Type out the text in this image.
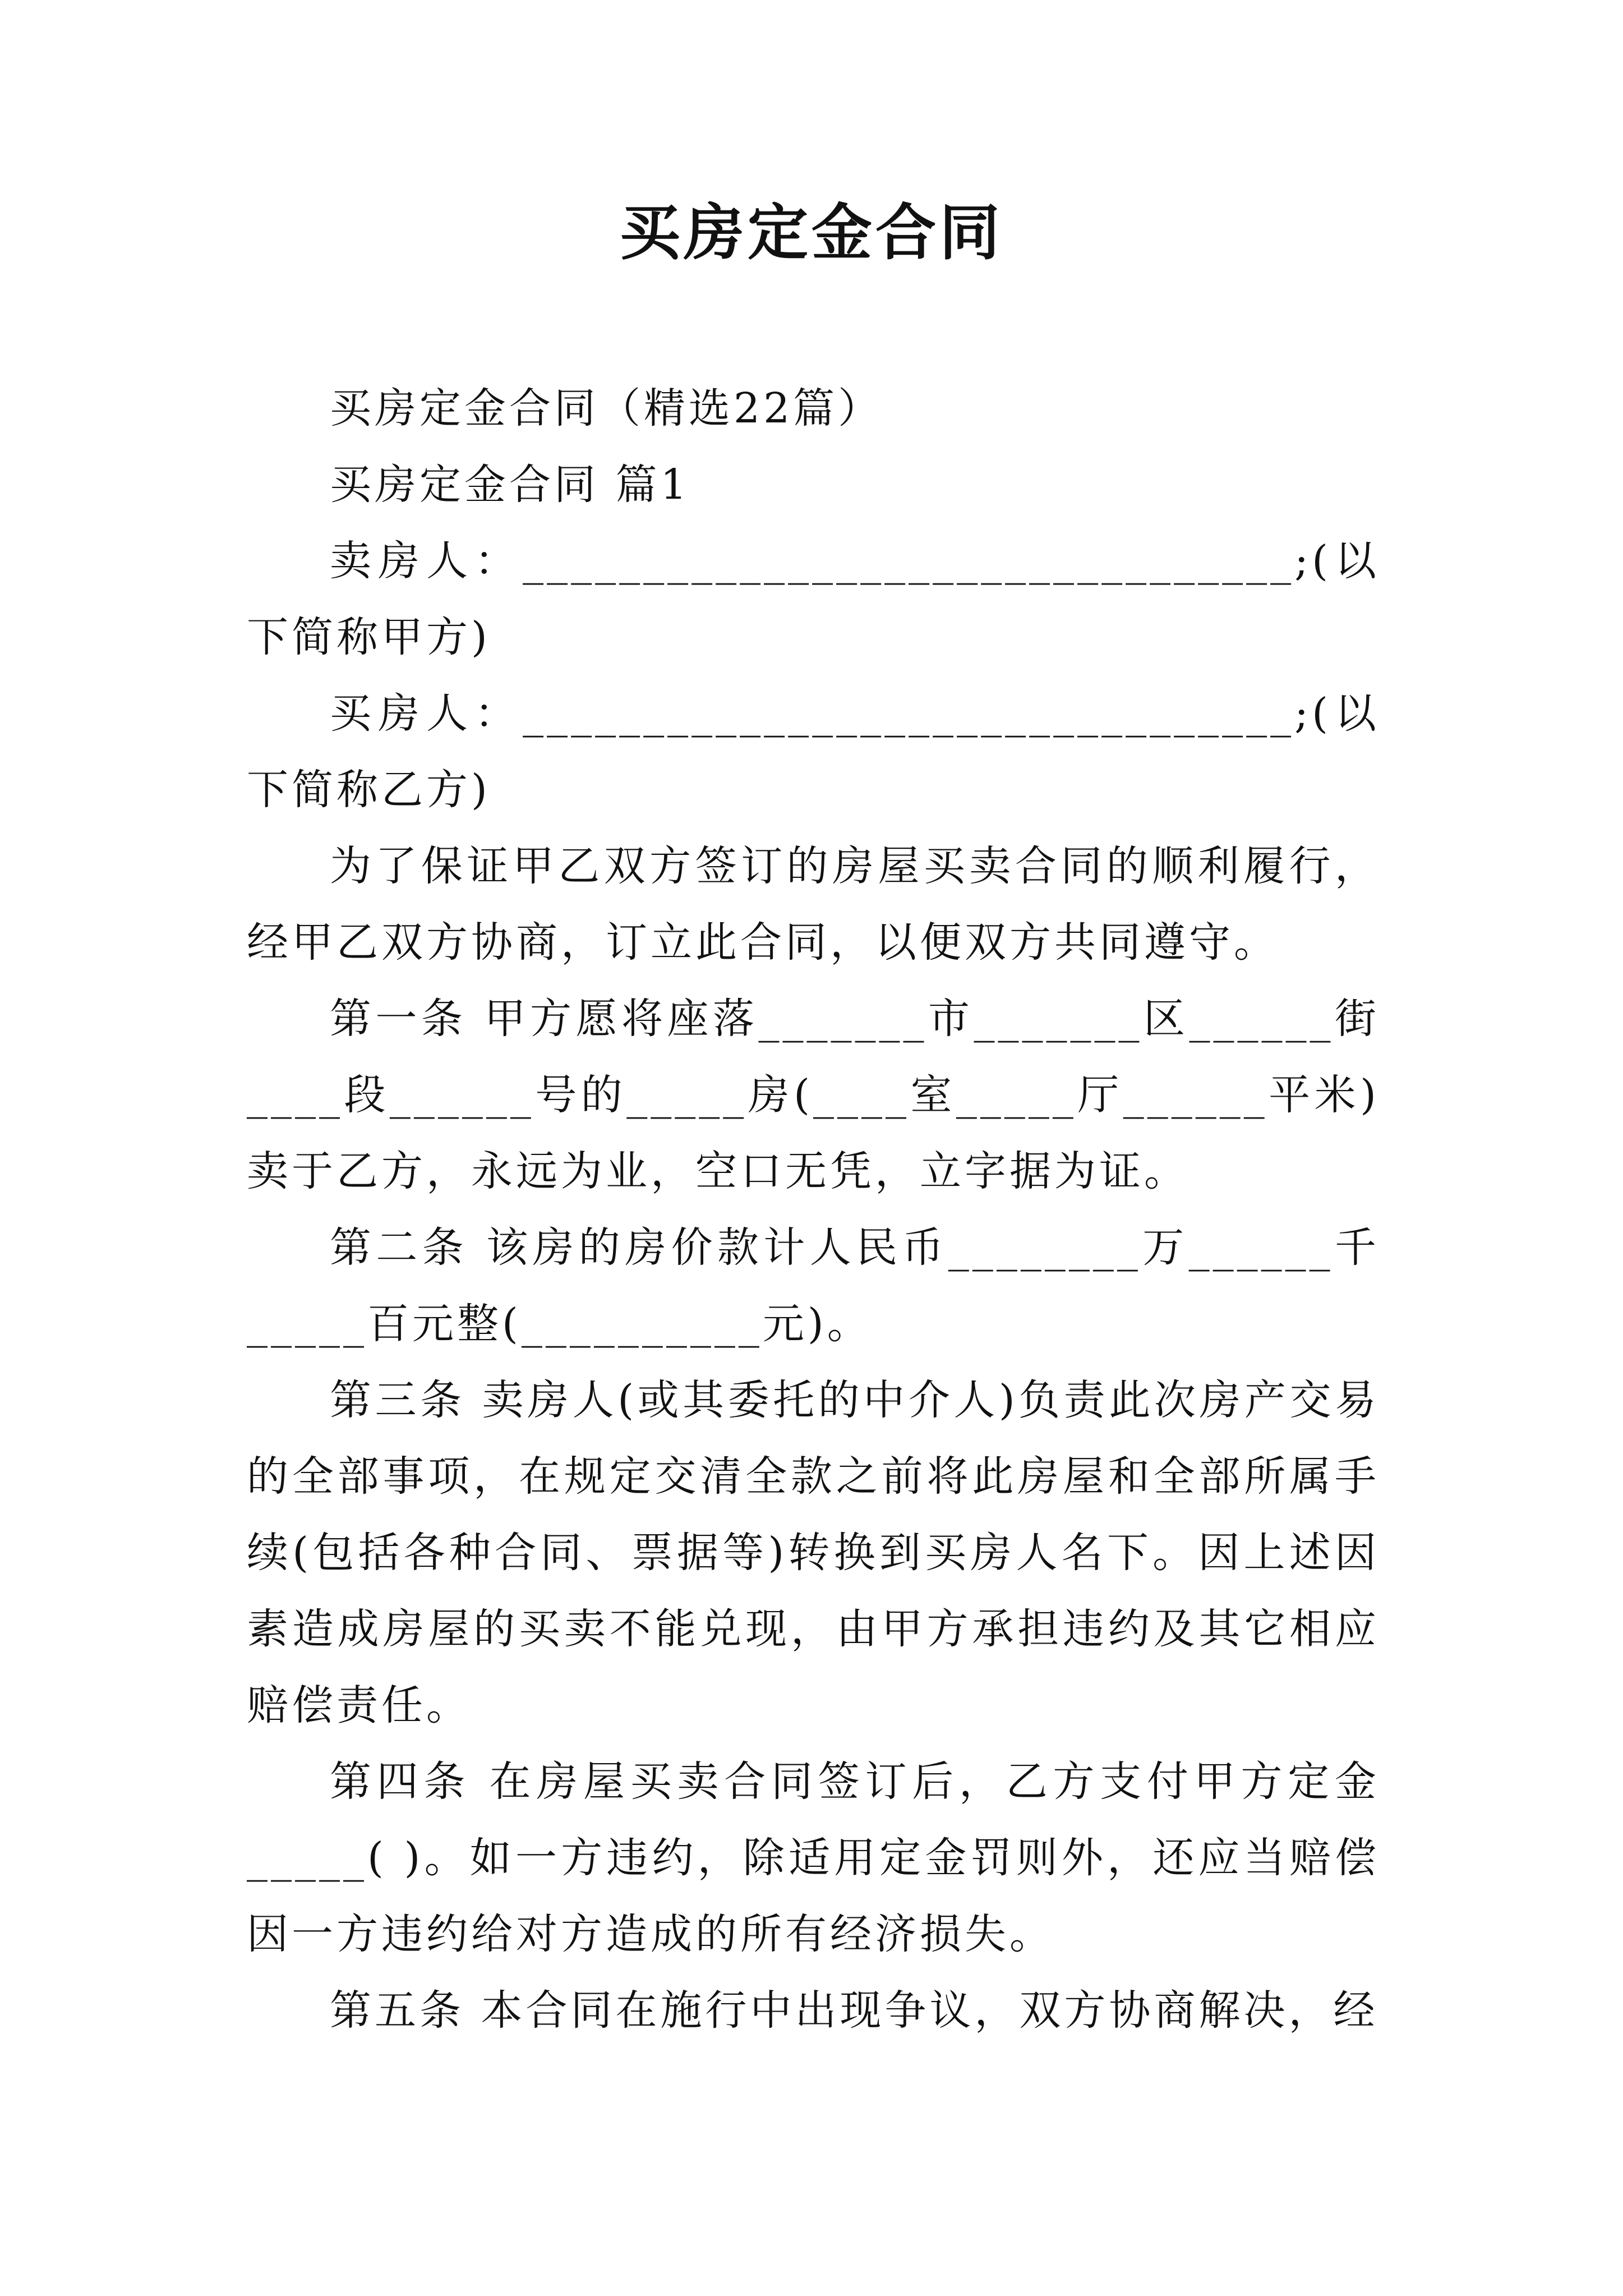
买房定金合同

买房定金合同（精选22篇）

买房定金合同 篇1

卖房人：________________________________;(以下简称甲方)

买房人：________________________________;(以下简称乙方)

为了保证甲乙双方签订的房屋买卖合同的顺利履行，经甲乙双方协商，订立此合同，以便双方共同遵守。

第一条 甲方愿将座落_______市_______区______街____段______号的_____房(____室_____厅______平米)卖于乙方，永远为业，空口无凭，立字据为证。

第二条 该房的房价款计人民币________万______千_____百元整(__________元)。

第三条 卖房人(或其委托的中介人)负责此次房产交易的全部事项，在规定交清全款之前将此房屋和全部所属手续(包括各种合同、票据等)转换到买房人名下。因上述因素造成房屋的买卖不能兑现，由甲方承担违约及其它相应赔偿责任。

第四条 在房屋买卖合同签订后，乙方支付甲方定金_____( )。如一方违约，除适用定金罚则外，还应当赔偿因一方违约给对方造成的所有经济损失。

第五条 本合同在施行中出现争议，双方协商解决，经
